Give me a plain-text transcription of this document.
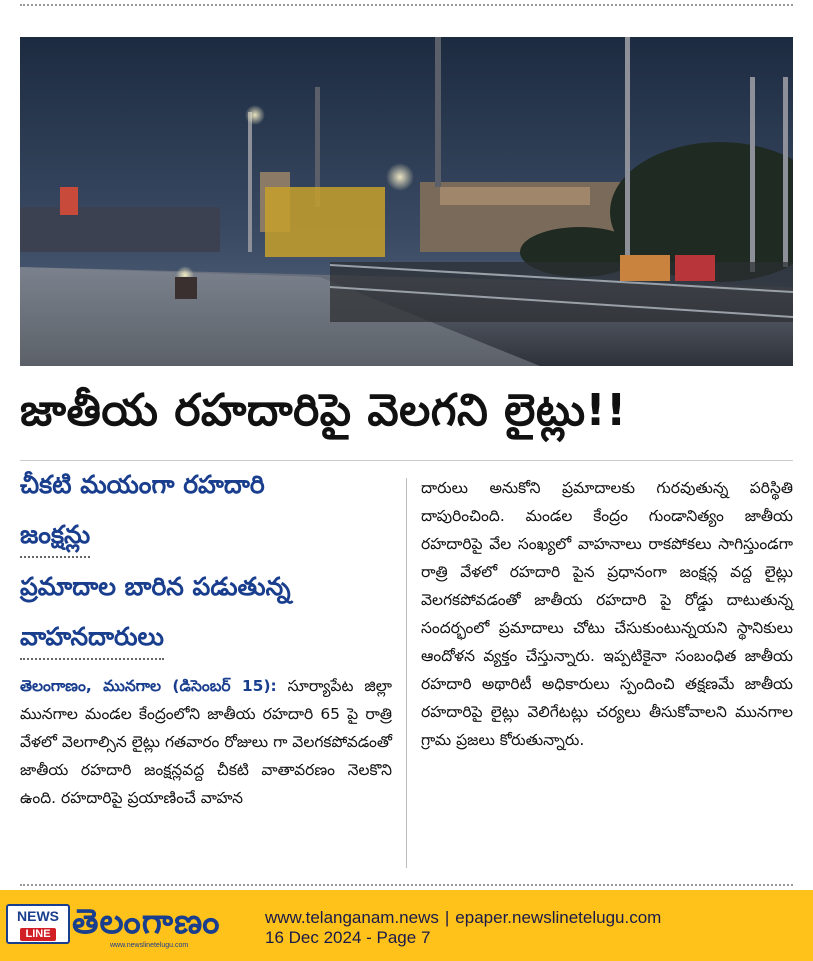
జాతీయ రహదారిపై వెలగని లైట్లు!!
చీకటి మయంగా రహదారి
జంక్షన్లు
ప్రమాదాల బారిన పడుతున్న
వాహనదారులు

తెలంగాణం, మునగాల (డిసెంబర్ 15): సూర్యాపేట జిల్లా మునగాల మండల కేంద్రంలోని జాతీయ రహదారి 65 పై రాత్రి వేళలో వెలగాల్సిన లైట్లు గతవారం రోజులు గా వెలగకపోవడంతో జాతీయ రహదారి జంక్షన్లవద్ద చీకటి వాతావరణం నెలకొని ఉంది. రహదారిపై ప్రయాణించే వాహన

దారులు అనుకోని ప్రమాదాలకు గురవుతున్న పరిస్థితి దాపురించింది. మండల కేంద్రం గుండానిత్యం జాతీయ రహదారిపై వేల సంఖ్యలో వాహనాలు రాకపోకలు సాగిస్తుండగా రాత్రి వేళలో రహదారి పైన ప్రధానంగా జంక్షన్ల వద్ద లైట్లు వెలగకపోవడంతో జాతీయ రహదారి పై రోడ్డు దాటుతున్న సందర్భంలో ప్రమాదాలు చోటు చేసుకుంటున్నయని స్థానికులు ఆందోళన వ్యక్తం చేస్తున్నారు. ఇప్పటికైనా సంబంధిత జాతీయ రహదారి అథారిటీ అధికారులు స్పందించి తక్షణమే జాతీయ రహదారిపై లైట్లు వెలిగేటట్లు చర్యలు తీసుకోవాలని మునగాల గ్రామ ప్రజలు కోరుతున్నారు.

NEWS
LINE తెలంగాణం
www.newslinetelugu.com
www.telanganam.news | epaper.newslinetelugu.com
16 Dec 2024 - Page 7
